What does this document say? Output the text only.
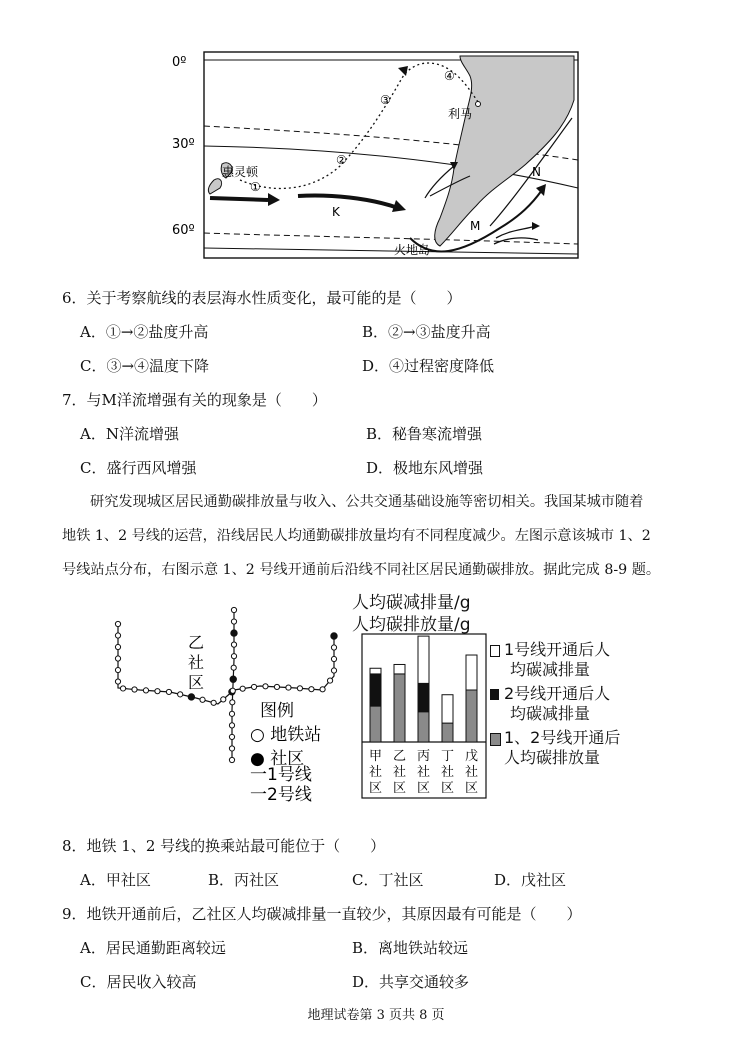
0º
30º
60º
利马
惠灵顿
火地岛
K
M
N
①
②
③
④
6．关于考察航线的表层海水性质变化，最可能的是（　　）
A．①→②盐度升高	B．②→③盐度升高
C．③→④温度下降	D．④过程密度降低
7．与M洋流增强有关的现象是（　　）
A．N洋流增强	B．秘鲁寒流增强
C．盛行西风增强	D．极地东风增强
研究发现城区居民通勤碳排放量与收入、公共交通基础设施等密切相关。我国某城市随着
地铁 1、2 号线的运营，沿线居民人均通勤碳排放量均有不同程度减少。左图示意该城市 1、2
号线站点分布，右图示意 1、2 号线开通前后沿线不同社区居民通勤碳排放。据此完成 8-9 题。
乙
社
区
图例
○ 地铁站
● 社区
一1号线
一2号线
人均碳减排量/g
人均碳排放量/g
甲
社
区
乙
社
区
丙
社
区
丁
社
区
戊
社
区
1号线开通后人
均碳减排量
2号线开通后人
均碳减排量
1、2号线开通后
人均碳排放量
8．地铁 1、2 号线的换乘站最可能位于（　　）
A．甲社区	B．丙社区	C．丁社区	D．戊社区
9．地铁开通前后，乙社区人均碳减排量一直较少，其原因最有可能是（　　）
A．居民通勤距离较远	B．离地铁站较远
C．居民收入较高	D．共享交通较多
地理试卷第 3 页共 8 页
